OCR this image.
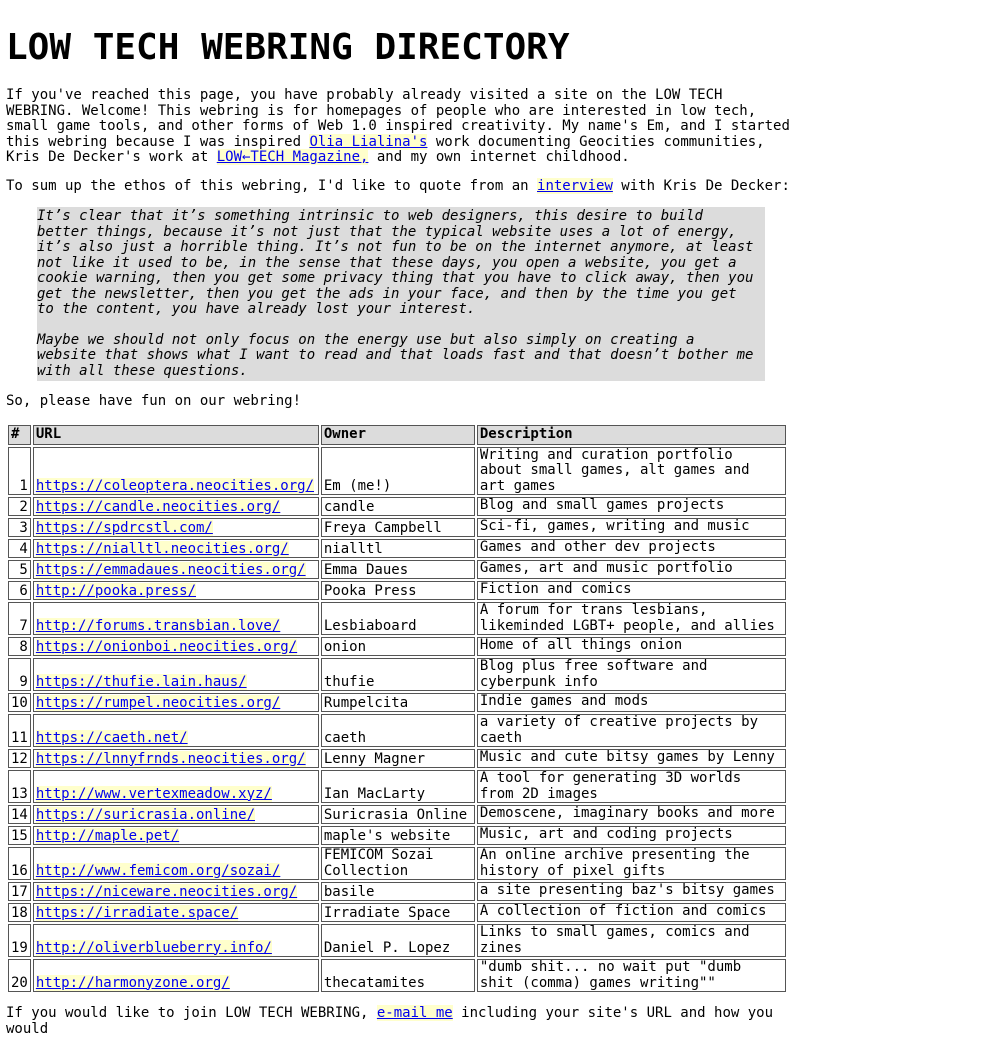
LOW TECH WEBRING DIRECTORY

If you've reached this page, you have probably already visited a site on the LOW TECH WEBRING. Welcome! This webring is for homepages of people who are interested in low tech, small game tools, and other forms of Web 1.0 inspired creativity. My name's Em, and I started this webring because I was inspired Olia Lialina's work documenting Geocities communities, Kris De Decker's work at LOW←TECH Magazine, and my own internet childhood.

To sum up the ethos of this webring, I'd like to quote from an interview with Kris De Decker:

It’s clear that it’s something intrinsic to web designers, this desire to build better things, because it’s not just that the typical website uses a lot of energy, it’s also just a horrible thing. It’s not fun to be on the internet anymore, at least not like it used to be, in the sense that these days, you open a website, you get a cookie warning, then you get some privacy thing that you have to click away, then you get the newsletter, then you get the ads in your face, and then by the time you get to the content, you have already lost your interest.

Maybe we should not only focus on the energy use but also simply on creating a website that shows what I want to read and that loads fast and that doesn’t bother me with all these questions.

So, please have fun on our webring!

#	URL	Owner	Description
1	https://coleoptera.neocities.org/	Em (me!)	Writing and curation portfolio about small games, alt games and art games
2	https://candle.neocities.org/	candle	Blog and small games projects
3	https://spdrcstl.com/	Freya Campbell	Sci-fi, games, writing and music
4	https://nialltl.neocities.org/	nialltl	Games and other dev projects
5	https://emmadaues.neocities.org/	Emma Daues	Games, art and music portfolio
6	http://pooka.press/	Pooka Press	Fiction and comics
7	http://forums.transbian.love/	Lesbiaboard	A forum for trans lesbians, likeminded LGBT+ people, and allies
8	https://onionboi.neocities.org/	onion	Home of all things onion
9	https://thufie.lain.haus/	thufie	Blog plus free software and cyberpunk info
10	https://rumpel.neocities.org/	Rumpelcita	Indie games and mods
11	https://caeth.net/	caeth	a variety of creative projects by caeth
12	https://lnnyfrnds.neocities.org/	Lenny Magner	Music and cute bitsy games by Lenny
13	http://www.vertexmeadow.xyz/	Ian MacLarty	A tool for generating 3D worlds from 2D images
14	https://suricrasia.online/	Suricrasia Online	Demoscene, imaginary books and more
15	http://maple.pet/	maple's website	Music, art and coding projects
16	http://www.femicom.org/sozai/	FEMICOM Sozai Collection	An online archive presenting the history of pixel gifts
17	https://niceware.neocities.org/	basile	a site presenting baz's bitsy games
18	https://irradiate.space/	Irradiate Space	A collection of fiction and comics
19	http://oliverblueberry.info/	Daniel P. Lopez	Links to small games, comics and zines
20	http://harmonyzone.org/	thecatamites	"dumb shit... no wait put "dumb shit (comma) games writing""

If you would like to join LOW TECH WEBRING, e-mail me including your site's URL and how you would
